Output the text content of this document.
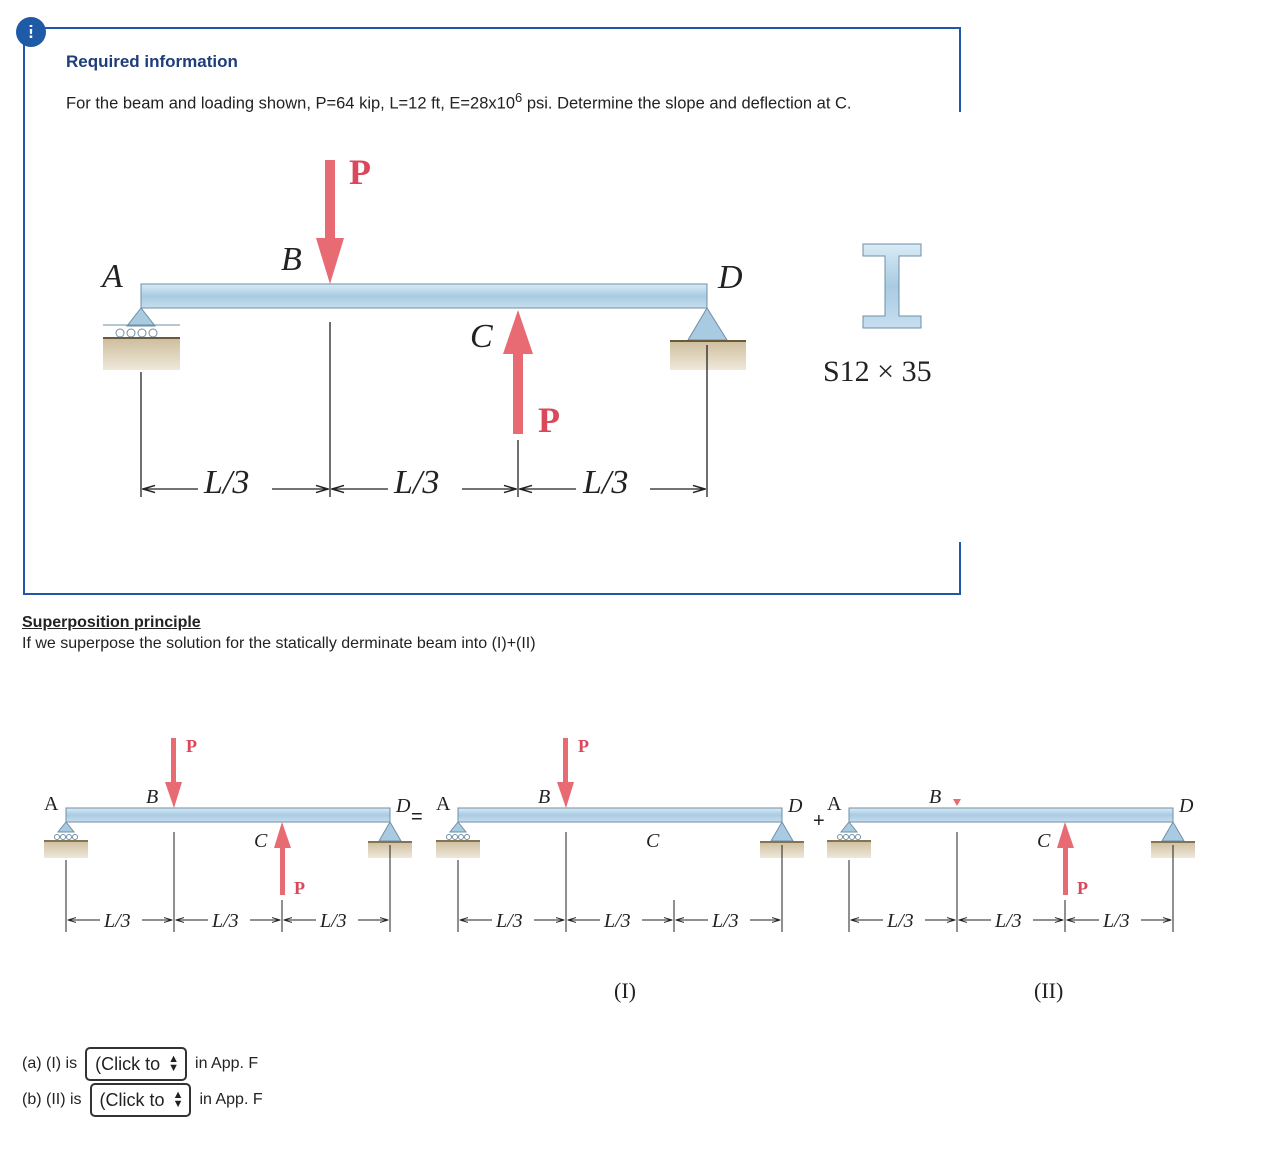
!
Required information
For the beam and loading shown, P=64 kip, L=12 ft, $E=28x10^6$ psi. Determine the slope and deflection at C.
A	B
C
D
P
P
L/3	L/3	L/3
S12 × 35
Superposition principle
If we superpose the solution for the statically derminate beam into (I)+(II)
A	B
C
D
P
P
L/3	L/3	L/3
=
A	B
C
D
P
L/3	L/3	L/3
(I)
+
A	B
C
D
P
L/3	L/3	L/3
(II)
(a) (I) is (Click to ▲
▼ in App. F
(b) (II) is (Click to ▲
▼ in App. F
